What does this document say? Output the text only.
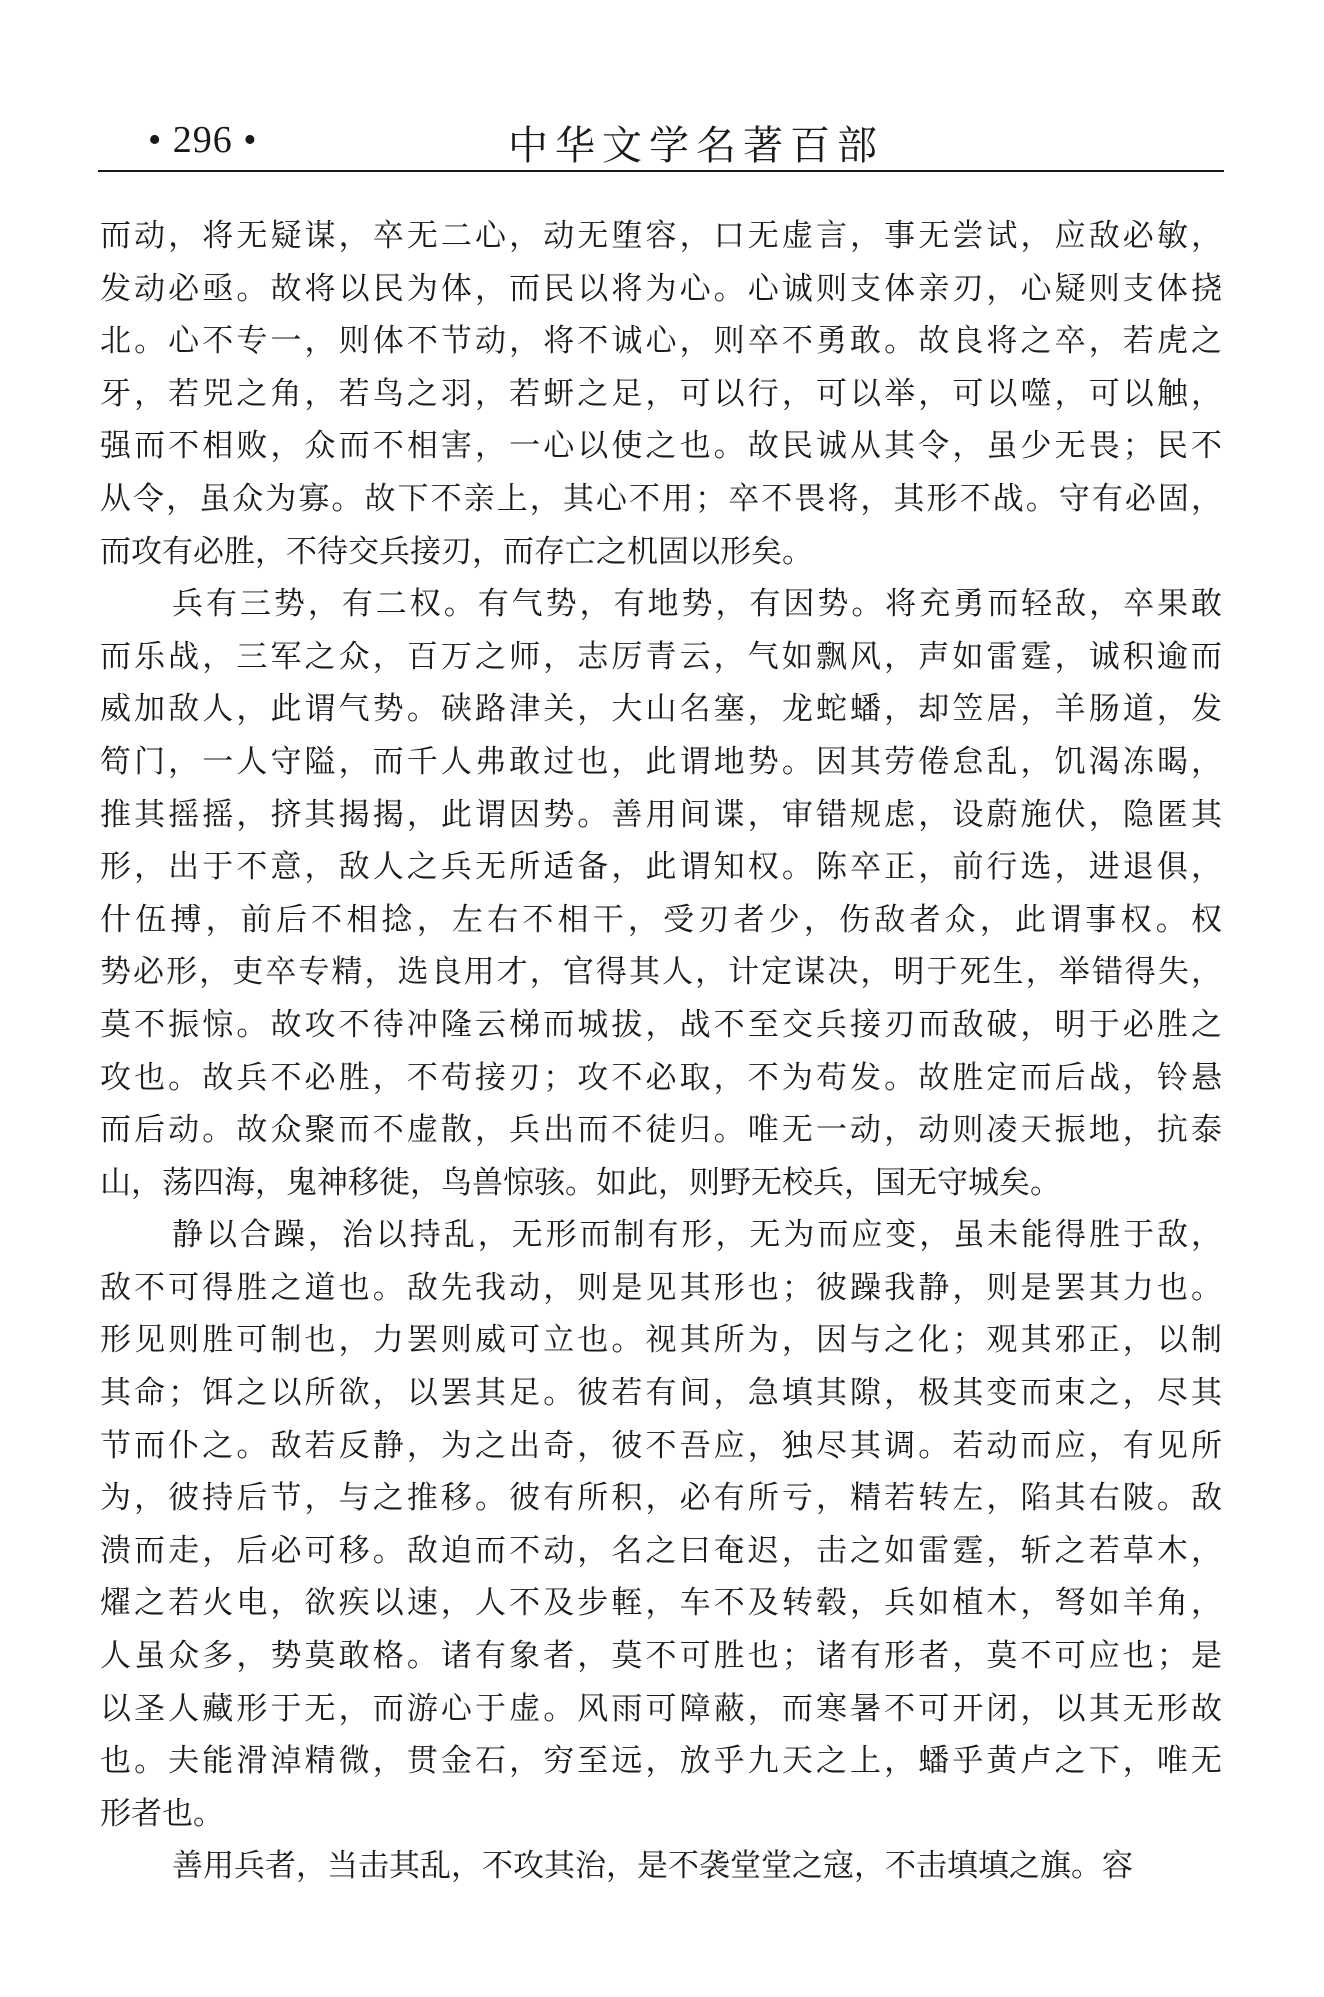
• 296 •	中华文学名著百部
而动，将无疑谋，卒无二心，动无堕容，口无虚言，事无尝试，应敌必敏，
发动必亟。故将以民为体，而民以将为心。心诚则支体亲刃，心疑则支体挠
北。心不专一，则体不节动，将不诚心，则卒不勇敢。故良将之卒，若虎之
牙，若兕之角，若鸟之羽，若蚈之足，可以行，可以举，可以噬，可以触，
强而不相败，众而不相害，一心以使之也。故民诚从其令，虽少无畏；民不
从令，虽众为寡。故下不亲上，其心不用；卒不畏将，其形不战。守有必固，
而攻有必胜，不待交兵接刃，而存亡之机固以形矣。
兵有三势，有二权。有气势，有地势，有因势。将充勇而轻敌，卒果敢
而乐战，三军之众，百万之师，志厉青云，气如飘风，声如雷霆，诚积逾而
威加敌人，此谓气势。硖路津关，大山名塞，龙蛇蟠，却笠居，羊肠道，发
笱门，一人守隘，而千人弗敢过也，此谓地势。因其劳倦怠乱，饥渴冻暍，
推其摇摇，挤其揭揭，此谓因势。善用间谍，审错规虑，设蔚施伏，隐匿其
形，出于不意，敌人之兵无所适备，此谓知权。陈卒正，前行选，进退俱，
什伍搏，前后不相捻，左右不相干，受刃者少，伤敌者众，此谓事权。权
势必形，吏卒专精，选良用才，官得其人，计定谋决，明于死生，举错得失，
莫不振惊。故攻不待冲隆云梯而城拔，战不至交兵接刃而敌破，明于必胜之
攻也。故兵不必胜，不苟接刃；攻不必取，不为苟发。故胜定而后战，铃悬
而后动。故众聚而不虚散，兵出而不徒归。唯无一动，动则凌天振地，抗泰
山，荡四海，鬼神移徙，鸟兽惊骇。如此，则野无校兵，国无守城矣。
静以合躁，治以持乱，无形而制有形，无为而应变，虽未能得胜于敌，
敌不可得胜之道也。敌先我动，则是见其形也；彼躁我静，则是罢其力也。
形见则胜可制也，力罢则威可立也。视其所为，因与之化；观其邪正，以制
其命；饵之以所欲，以罢其足。彼若有间，急填其隙，极其变而束之，尽其
节而仆之。敌若反静，为之出奇，彼不吾应，独尽其调。若动而应，有见所
为，彼持后节，与之推移。彼有所积，必有所亏，精若转左，陷其右陂。敌
溃而走，后必可移。敌迫而不动，名之曰奄迟，击之如雷霆，斩之若草木，
燿之若火电，欲疾以速，人不及步輊，车不及转毂，兵如植木，弩如羊角，
人虽众多，势莫敢格。诸有象者，莫不可胜也；诸有形者，莫不可应也；是
以圣人藏形于无，而游心于虚。风雨可障蔽，而寒暑不可开闭，以其无形故
也。夫能滑淖精微，贯金石，穷至远，放乎九天之上，蟠乎黄卢之下，唯无
形者也。
善用兵者，当击其乱，不攻其治，是不袭堂堂之寇，不击填填之旗。容
